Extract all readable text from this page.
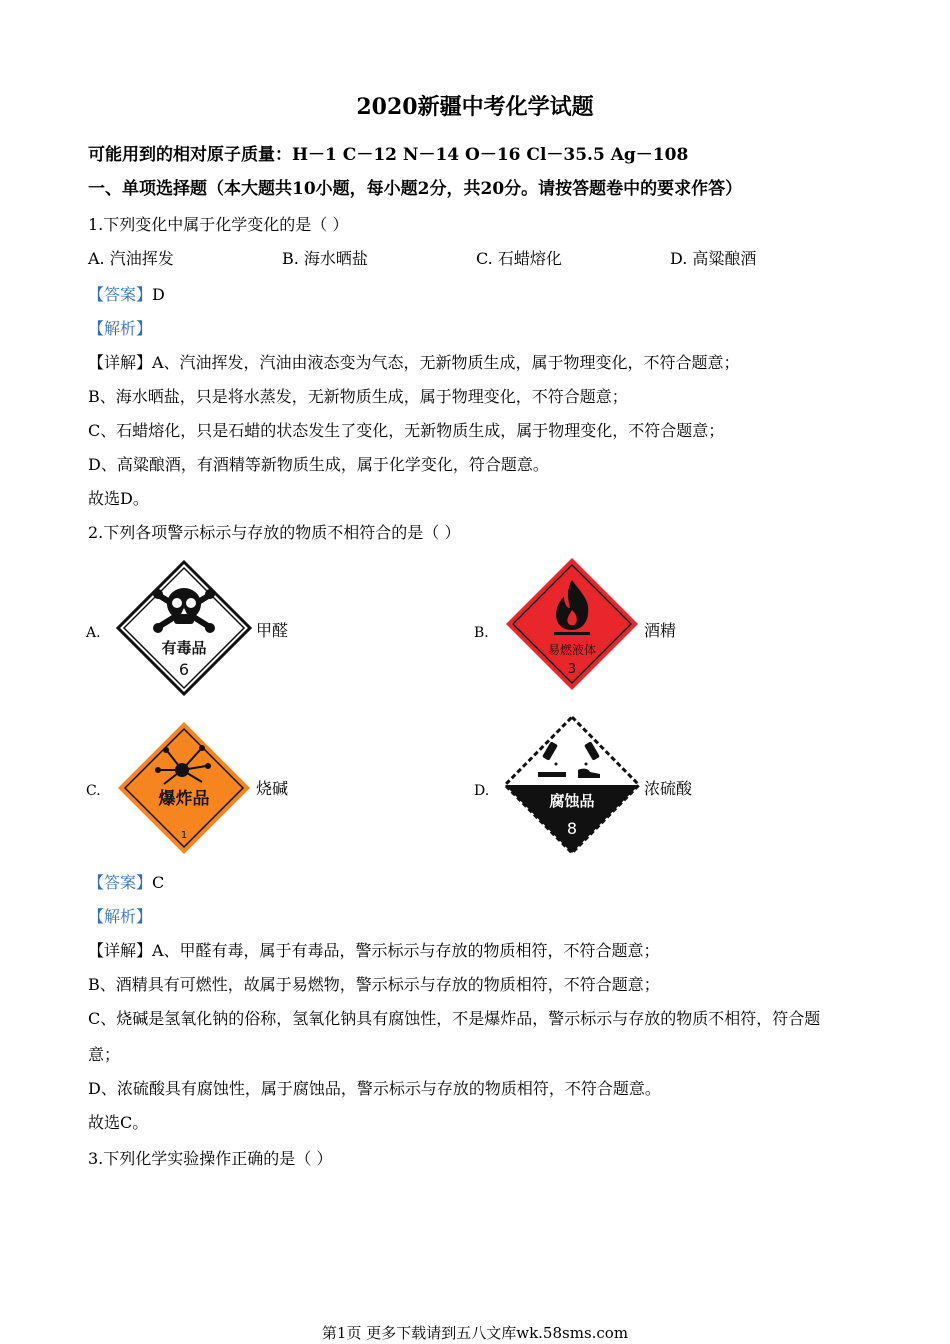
2020新疆中考化学试题
可能用到的相对原子质量：H－1 C－12 N－14 O－16 Cl－35.5 Ag－108
一、单项选择题（本大题共10小题，每小题2分，共20分。请按答题卷中的要求作答）
1.下列变化中属于化学变化的是（ ）
A. 汽油挥发	B. 海水晒盐	C. 石蜡熔化	D. 高粱酿酒
【答案】D
【解析】
【详解】A、汽油挥发，汽油由液态变为气态，无新物质生成，属于物理变化，不符合题意；
B、海水晒盐，只是将水蒸发，无新物质生成，属于物理变化，不符合题意；
C、石蜡熔化，只是石蜡的状态发生了变化，无新物质生成，属于物理变化，不符合题意；
D、高粱酿酒，有酒精等新物质生成，属于化学变化，符合题意。
故选D。
2.下列各项警示标示与存放的物质不相符合的是（ ）
A.
有毒品
6
甲醛	B.
易燃液体
3
酒精
C.	爆炸品
1
烧碱	D.
腐蚀品
8
浓硫酸
【答案】C
【解析】
【详解】A、甲醛有毒，属于有毒品，警示标示与存放的物质相符，不符合题意；
B、酒精具有可燃性，故属于易燃物，警示标示与存放的物质相符，不符合题意；
C、烧碱是氢氧化钠的俗称，氢氧化钠具有腐蚀性，不是爆炸品，警示标示与存放的物质不相符，符合题
意；
D、浓硫酸具有腐蚀性，属于腐蚀品，警示标示与存放的物质相符，不符合题意。
故选C。
3.下列化学实验操作正确的是（ ）
第1页 更多下载请到五八文库wk.58sms.com
